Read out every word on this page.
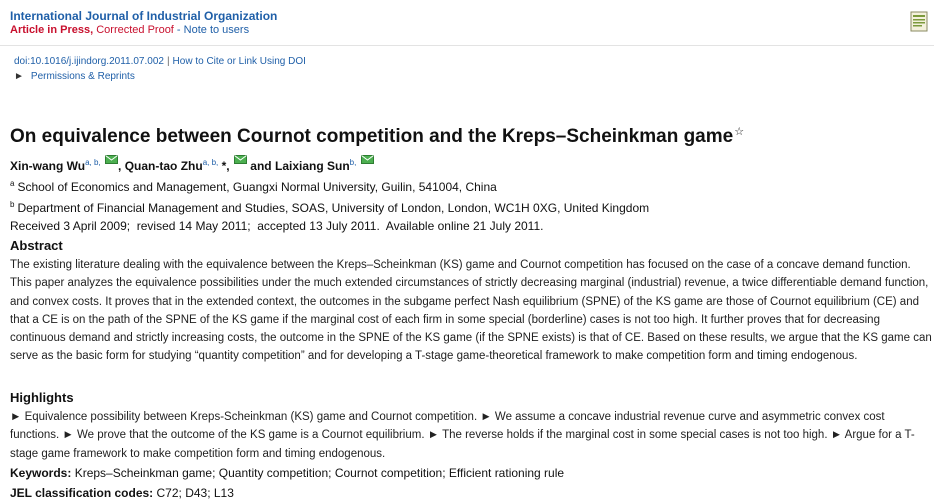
International Journal of Industrial Organization
Article in Press, Corrected Proof - Note to users
doi:10.1016/j.ijindorg.2011.07.002 | How to Cite or Link Using DOI
► Permissions & Reprints
On equivalence between Cournot competition and the Kreps–Scheinkman game☆
Xin-wang $Wu^{a, b,}$ , Quan-tao Zhu$^{a, b,}$ *,  and Laixiang Sun$^{b,}$
$^a$ School of Economics and Management, Guangxi Normal University, Guilin, 541004, China
$^b$ Department of Financial Management and Studies, SOAS, University of London, London, WC1H 0XG, United Kingdom
Received 3 April 2009;  revised 14 May 2011;  accepted 13 July 2011.  Available online 21 July 2011.
Abstract

The existing literature dealing with the equivalence between the Kreps–Scheinkman (KS) game and Cournot competition has focused on the case of a concave demand function. This paper analyzes the equivalence possibilities under the much extended circumstances of strictly decreasing marginal (industrial) revenue, a twice differentiable demand function, and convex costs. It proves that in the extended context, the outcomes in the subgame perfect Nash equilibrium (SPNE) of the KS game are those of Cournot equilibrium (CE) and that a CE is on the path of the SPNE of the KS game if the marginal cost of each firm in some special (borderline) cases is not too high. It further proves that for decreasing continuous demand and strictly increasing costs, the outcome in the SPNE of the KS game (if the SPNE exists) is that of CE. Based on these results, we argue that the KS game can serve as the basic form for studying “quantity competition” and for developing a T-stage game-theoretical framework to make competition form and timing endogenous.

Highlights

► Equivalence possibility between Kreps-Scheinkman (KS) game and Cournot competition. ► We assume a concave industrial revenue curve and asymmetric convex cost functions. ► We prove that the outcome of the KS game is a Cournot equilibrium. ► The reverse holds if the marginal cost in some special cases is not too high. ► Argue for a T-stage game framework to make competition form and timing endogenous.

Keywords: Kreps–Scheinkman game; Quantity competition; Cournot competition; Efficient rationing rule
JEL classification codes: C72; D43; L13
